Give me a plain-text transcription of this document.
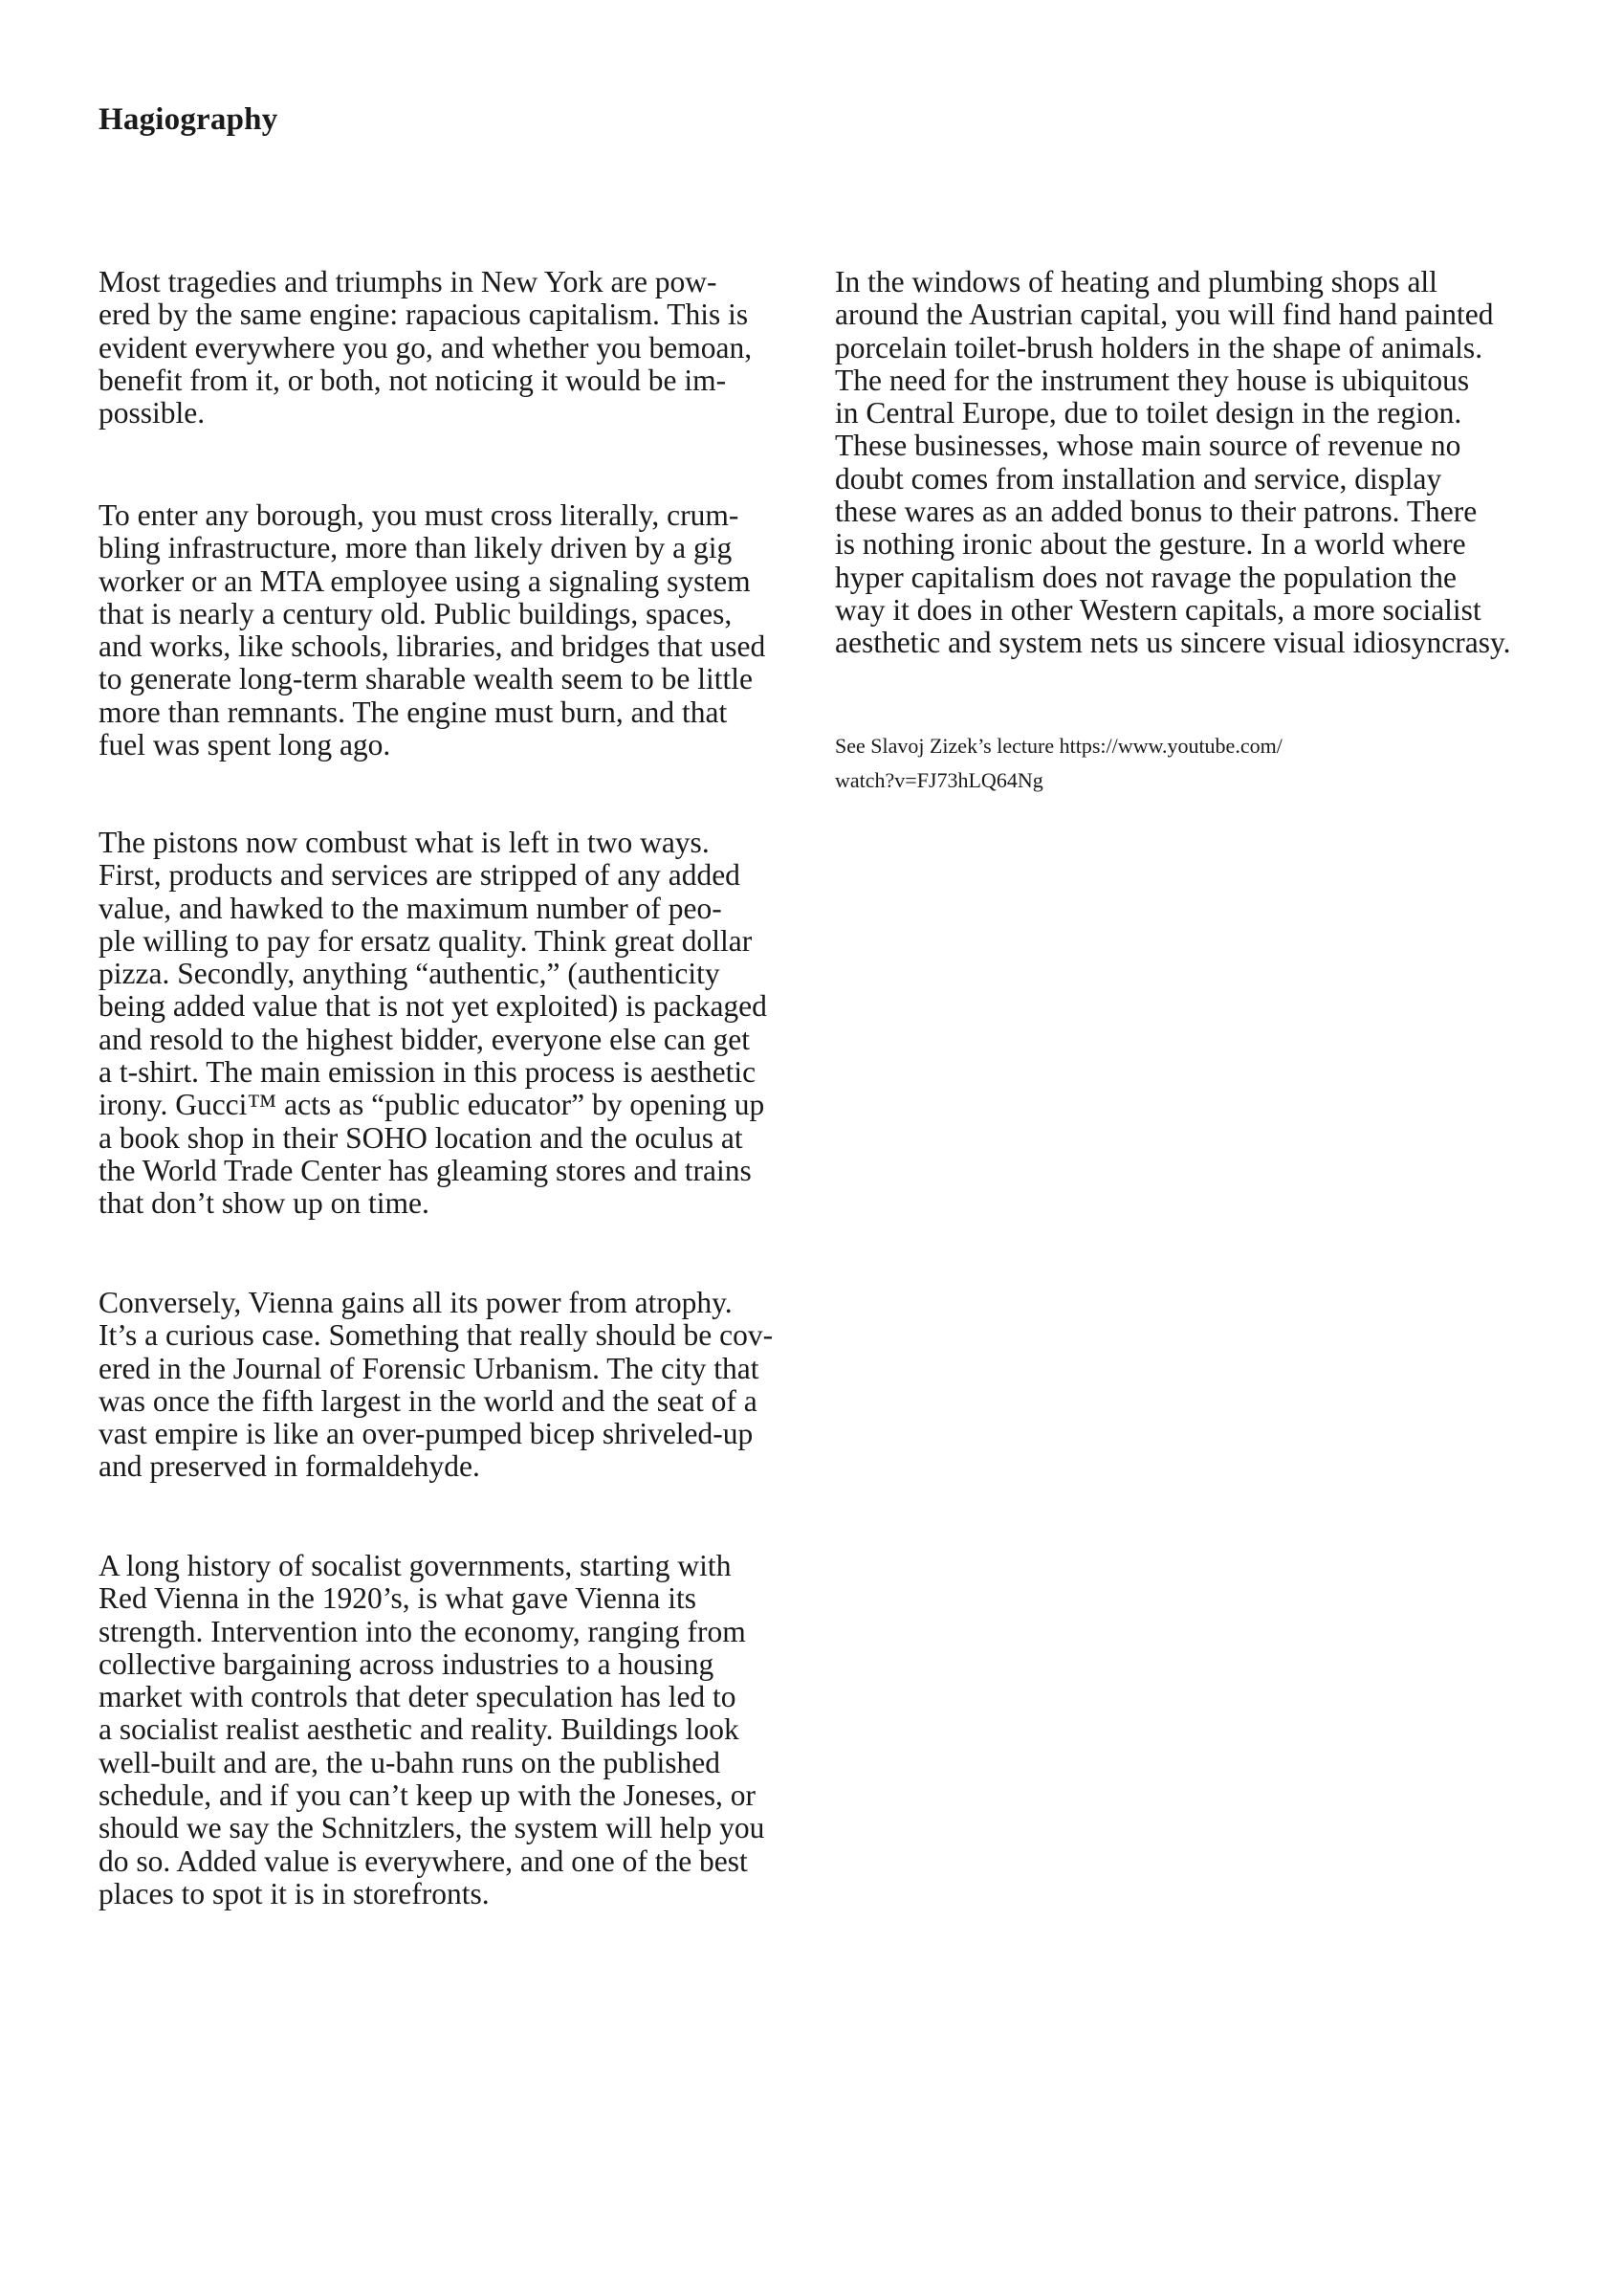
Hagiography

Most tragedies and triumphs in New York are pow-
ered by the same engine: rapacious capitalism. This is
evident everywhere you go, and whether you bemoan,
benefit from it, or both, not noticing it would be im-
possible.

To enter any borough, you must cross literally, crum-
bling infrastructure, more than likely driven by a gig
worker or an MTA employee using a signaling system
that is nearly a century old. Public buildings, spaces,
and works, like schools, libraries, and bridges that used
to generate long-term sharable wealth seem to be little
more than remnants. The engine must burn, and that
fuel was spent long ago.

The pistons now combust what is left in two ways.
First, products and services are stripped of any added
value, and hawked to the maximum number of peo-
ple willing to pay for ersatz quality. Think great dollar
pizza. Secondly, anything “authentic,” (authenticity
being added value that is not yet exploited) is packaged
and resold to the highest bidder, everyone else can get
a t-shirt. The main emission in this process is aesthetic
irony. Gucci™ acts as “public educator” by opening up
a book shop in their SOHO location and the oculus at
the World Trade Center has gleaming stores and trains
that don’t show up on time.

Conversely, Vienna gains all its power from atrophy.
It’s a curious case. Something that really should be cov-
ered in the Journal of Forensic Urbanism. The city that
was once the fifth largest in the world and the seat of a
vast empire is like an over-pumped bicep shriveled-up
and preserved in formaldehyde.

A long history of socalist governments, starting with
Red Vienna in the 1920’s, is what gave Vienna its
strength. Intervention into the economy, ranging from
collective bargaining across industries to a housing
market with controls that deter speculation has led to
a socialist realist aesthetic and reality. Buildings look
well-built and are, the u-bahn runs on the published
schedule, and if you can’t keep up with the Joneses, or
should we say the Schnitzlers, the system will help you
do so. Added value is everywhere, and one of the best
places to spot it is in storefronts.

In the windows of heating and plumbing shops all
around the Austrian capital, you will find hand painted
porcelain toilet-brush holders in the shape of animals.
The need for the instrument they house is ubiquitous
in Central Europe, due to toilet design in the region.
These businesses, whose main source of revenue no
doubt comes from installation and service, display
these wares as an added bonus to their patrons. There
is nothing ironic about the gesture. In a world where
hyper capitalism does not ravage the population the
way it does in other Western capitals, a more socialist
aesthetic and system nets us sincere visual idiosyncrasy.

See Slavoj Zizek’s lecture https://www.youtube.com/
watch?v=FJ73hLQ64Ng
